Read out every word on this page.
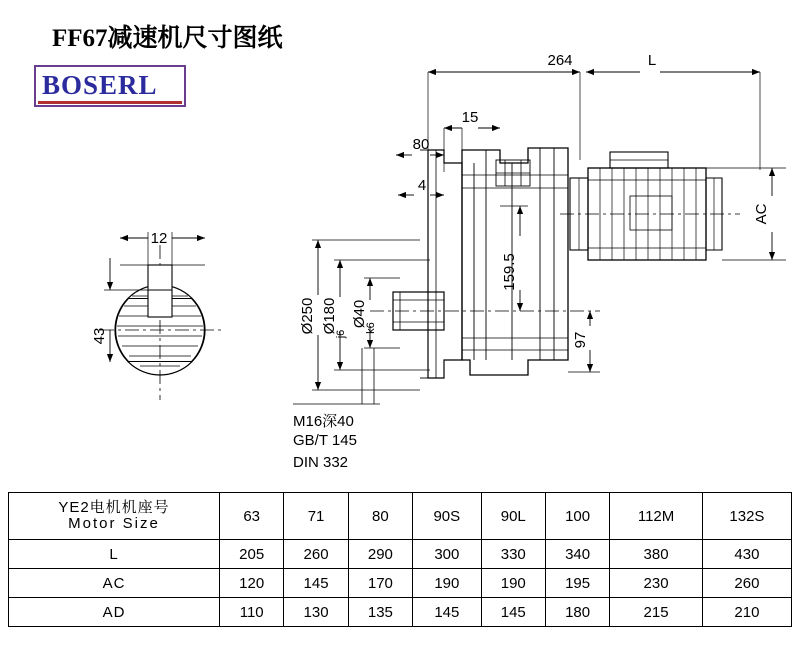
FF67减速机尺寸图纸
BOSERL
12
264	L
15
80
4
43
AC
159.5
97
Ø250 Ø180
j6
Ø40
k6
M16深40
GB/T 145
DIN 332
YE2电机机座号
Motor Size	63	71	80	90S	90L	100	112M	132S
L	205	260	290	300	330	340	380	430
AC	120	145	170	190	190	195	230	260
AD	110	130	135	145	145	180	215	210
